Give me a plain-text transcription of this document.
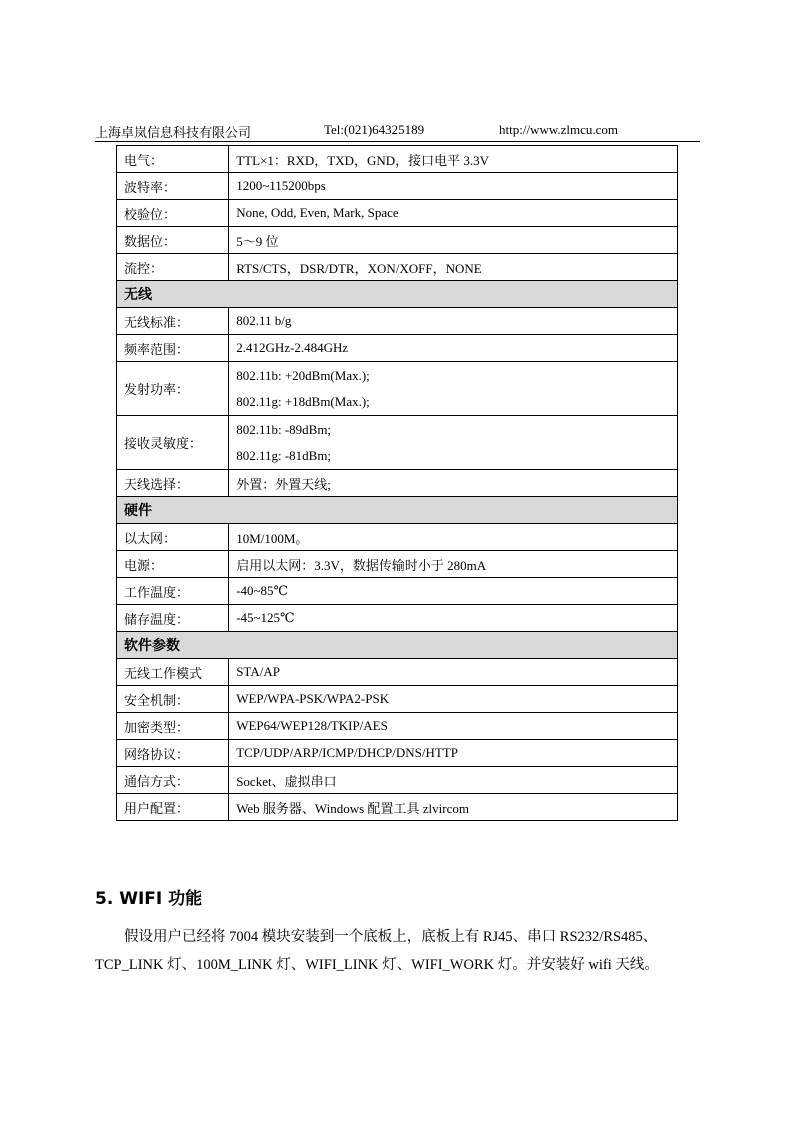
上海卓岚信息科技有限公司	Tel:(021)64325189	http://www.zlmcu.com
电气：	TTL×1：RXD，TXD，GND，接口电平 3.3V
波特率：	1200~115200bps
校验位：	None, Odd, Even, Mark, Space
数据位：	5～9 位
流控：	RTS/CTS，DSR/DTR，XON/XOFF，NONE
无线	
无线标准：	802.11 b/g
频率范围：	2.412GHz-2.484GHz
发射功率：	802.11b: +20dBm(Max.);
802.11g: +18dBm(Max.);

接收灵敏度：	802.11b: -89dBm;
802.11g: -81dBm;

天线选择：	外置：外置天线;
硬件	
以太网：	10M/100M。
电源：	启用以太网：3.3V，数据传输时小于 280mA
工作温度：	-40~85℃
储存温度：	-45~125℃
软件参数	
无线工作模式	STA/AP
安全机制：	WEP/WPA-PSK/WPA2-PSK
加密类型：	WEP64/WEP128/TKIP/AES
网络协议：	TCP/UDP/ARP/ICMP/DHCP/DNS/HTTP
通信方式：	Socket、虚拟串口
用户配置：	Web 服务器、Windows 配置工具 zlvircom
5. WIFI 功能
假设用户已经将 7004 模块安装到一个底板上，底板上有 RJ45、串口 RS232/RS485、
TCP_LINK 灯、100M_LINK 灯、WIFI_LINK 灯、WIFI_WORK 灯。并安装好 wifi 天线。
